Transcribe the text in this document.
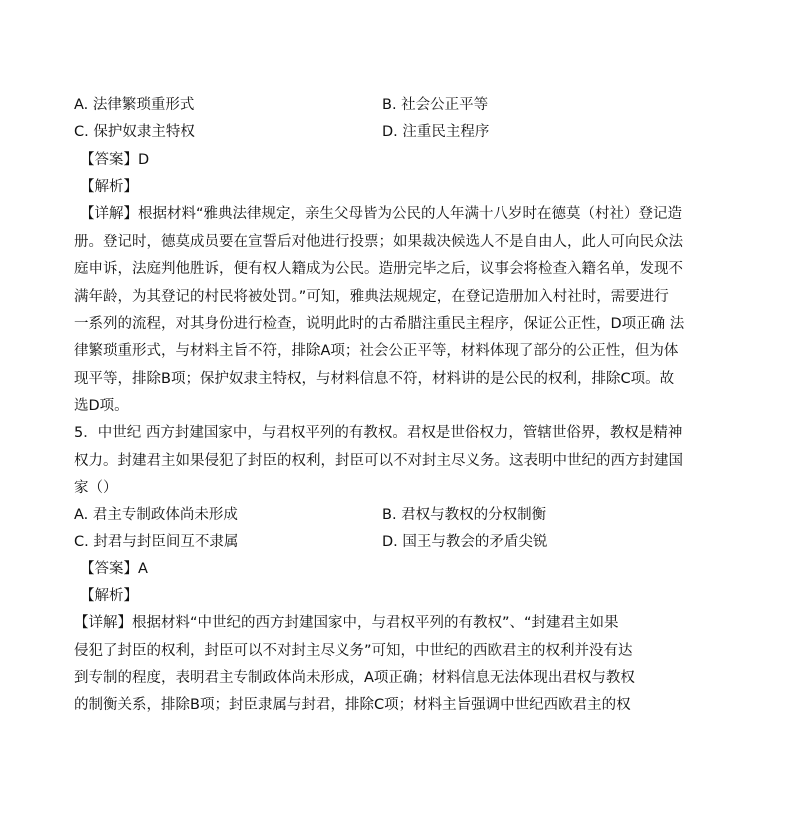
A. 法律繁琐重形式	B. 社会公正平等
C. 保护奴隶主特权	D. 注重民主程序
【答案】D
【解析】
【详解】根据材料“雅典法律规定，亲生父母皆为公民的人年满十八岁时在德莫（村社）登记造
册。登记时，德莫成员要在宣誓后对他进行投票；如果裁决候选人不是自由人，此人可向民众法
庭申诉，法庭判他胜诉，便有权人籍成为公民。造册完毕之后，议事会将检查入籍名单，发现不
满年龄，为其登记的村民将被处罚。”可知，雅典法规规定，在登记造册加入村社时，需要进行
一系列的流程，对其身份进行检查，说明此时的古希腊注重民主程序，保证公正性，D项正确 法
律繁琐重形式，与材料主旨不符，排除A项；社会公正平等，材料体现了部分的公正性，但为体
现平等，排除B项；保护奴隶主特权，与材料信息不符，材料讲的是公民的权利，排除C项。故
选D项。
5．中世纪 西方封建国家中，与君权平列的有教权。君权是世俗权力，管辖世俗界，教权是精神
权力。封建君主如果侵犯了封臣的权利，封臣可以不对封主尽义务。这表明中世纪的西方封建国
家（）
A. 君主专制政体尚未形成	B. 君权与教权的分权制衡
C. 封君与封臣间互不隶属	D. 国王与教会的矛盾尖锐
【答案】A
【解析】
【详解】根据材料“中世纪的西方封建国家中，与君权平列的有教权”、“封建君主如果
侵犯了封臣的权利，封臣可以不对封主尽义务”可知，中世纪的西欧君主的权利并没有达
到专制的程度，表明君主专制政体尚未形成，A项正确；材料信息无法体现出君权与教权
的制衡关系，排除B项；封臣隶属与封君，排除C项；材料主旨强调中世纪西欧君主的权
